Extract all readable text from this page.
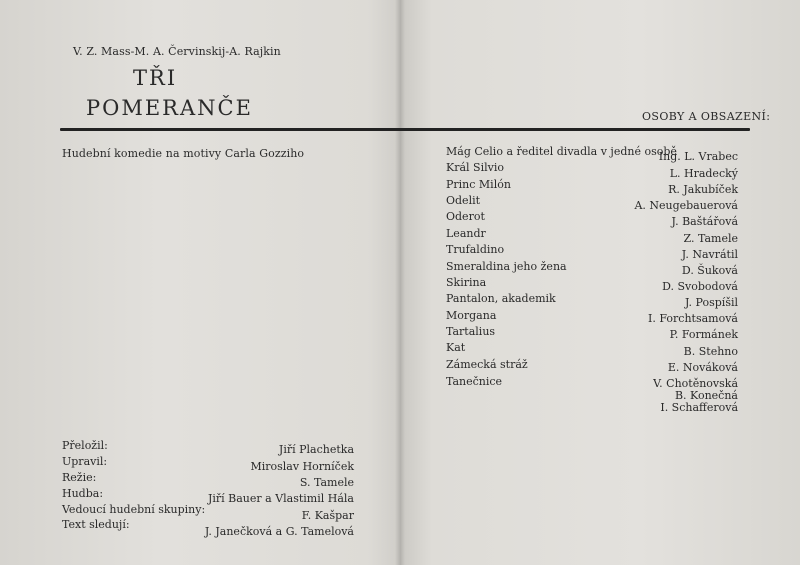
V. Z. Mass-M. A. Červinskij-A. Rajkin
TŘI
POMERANČE	OSOBY A OBSAZENÍ:
Hudební komedie na motivy Carla Gozziho
Přeložil:	Jiří Plachetka
Upravil:	Miroslav Horníček
Režie:	S. Tamele
Hudba:	Jiří Bauer a Vlastimil Hála
Vedoucí hudební skupiny:	F. Kašpar
Text sledují:
J. Janečková a G. Tamelová
Mág Celio a ředitel divadla v jedné osobě
Ing. L. Vrabec
Král Silvio	L. Hradecký
Princ Milón	R. Jakubíček
Odelit	A. Neugebauerová
Oderot	J. Baštářová
Leandr	Z. Tamele
Trufaldino	J. Navrátil
Smeraldina jeho žena	D. Šuková
Skirina	D. Svobodová
Pantalon, akademik	J. Pospíšil
Morgana	I. Forchtsamová
Tartalius	P. Formánek
Kat	B. Stehno
Zámecká stráž	E. Nováková
Tanečnice	V. Chotěnovská
B. Konečná
I. Schafferová
